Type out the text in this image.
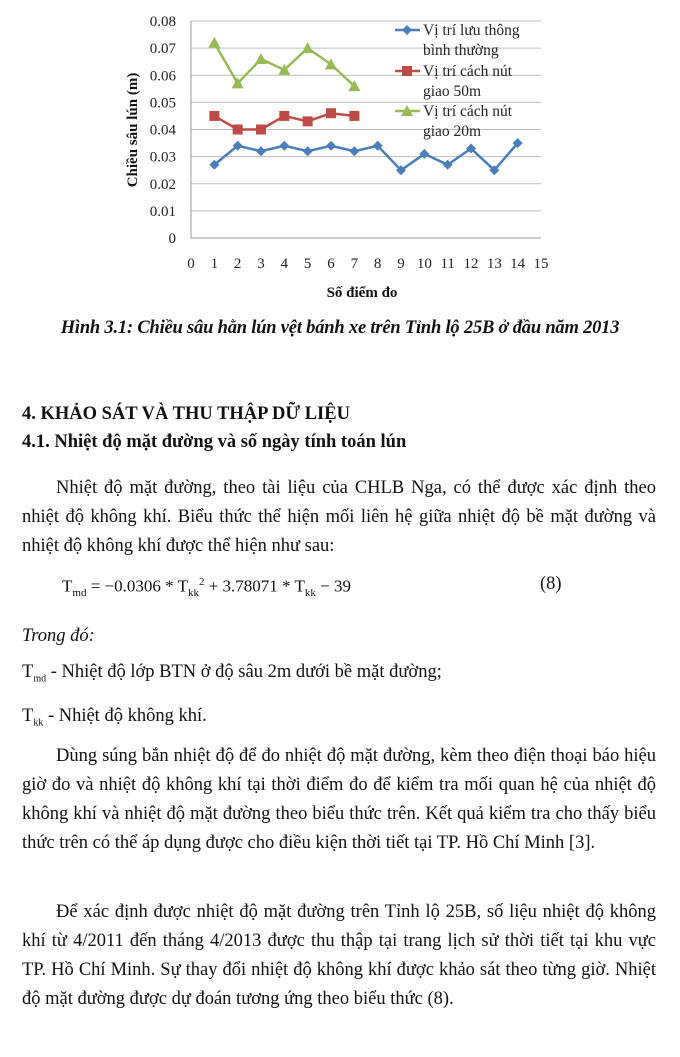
0
0.01
0.02
0.03
0.04
0.05
0.06
0.07
0.08
0 1 2 3 4 5 6 7 8 9 10 11 12 13 14 15
Số điểm đo
Chiều sâu lún (m)
Vị trí lưu thông
bình thường
Vị trí cách nút
giao 50m
Vị trí cách nút
giao 20m
Hình 3.1: Chiều sâu hằn lún vệt bánh xe trên Tỉnh lộ 25B ở đầu năm 2013
4. KHẢO SÁT VÀ THU THẬP DỮ LIỆU
4.1. Nhiệt độ mặt đường và số ngày tính toán lún
Nhiệt độ mặt đường, theo tài liệu của CHLB Nga, có thể được xác định theo nhiệt độ không khí. Biểu thức thể hiện mối liên hệ giữa nhiệt độ bề mặt đường và nhiệt độ không khí được thể hiện như sau:
$T_{md} = -0.0306 * T_{kk}^2 + 3.78071 * T_{kk} - 39$	(8)
Trong đó:
$T_{md}$ - Nhiệt độ lớp BTN ở độ sâu 2m dưới bề mặt đường;
$T_{kk}$ - Nhiệt độ không khí.
Dùng súng bắn nhiệt độ để đo nhiệt độ mặt đường, kèm theo điện thoại báo hiệu giờ đo và nhiệt độ không khí tại thời điểm đo để kiểm tra mối quan hệ của nhiệt độ không khí và nhiệt độ mặt đường theo biểu thức trên. Kết quả kiểm tra cho thấy biểu thức trên có thể áp dụng được cho điều kiện thời tiết tại TP. Hồ Chí Minh [3].
Để xác định được nhiệt độ mặt đường trên Tỉnh lộ 25B, số liệu nhiệt độ không khí từ 4/2011 đến tháng 4/2013 được thu thập tại trang lịch sử thời tiết tại khu vực TP. Hồ Chí Minh. Sự thay đổi nhiệt độ không khí được khảo sát theo từng giờ. Nhiệt độ mặt đường được dự đoán tương ứng theo biểu thức (8).
